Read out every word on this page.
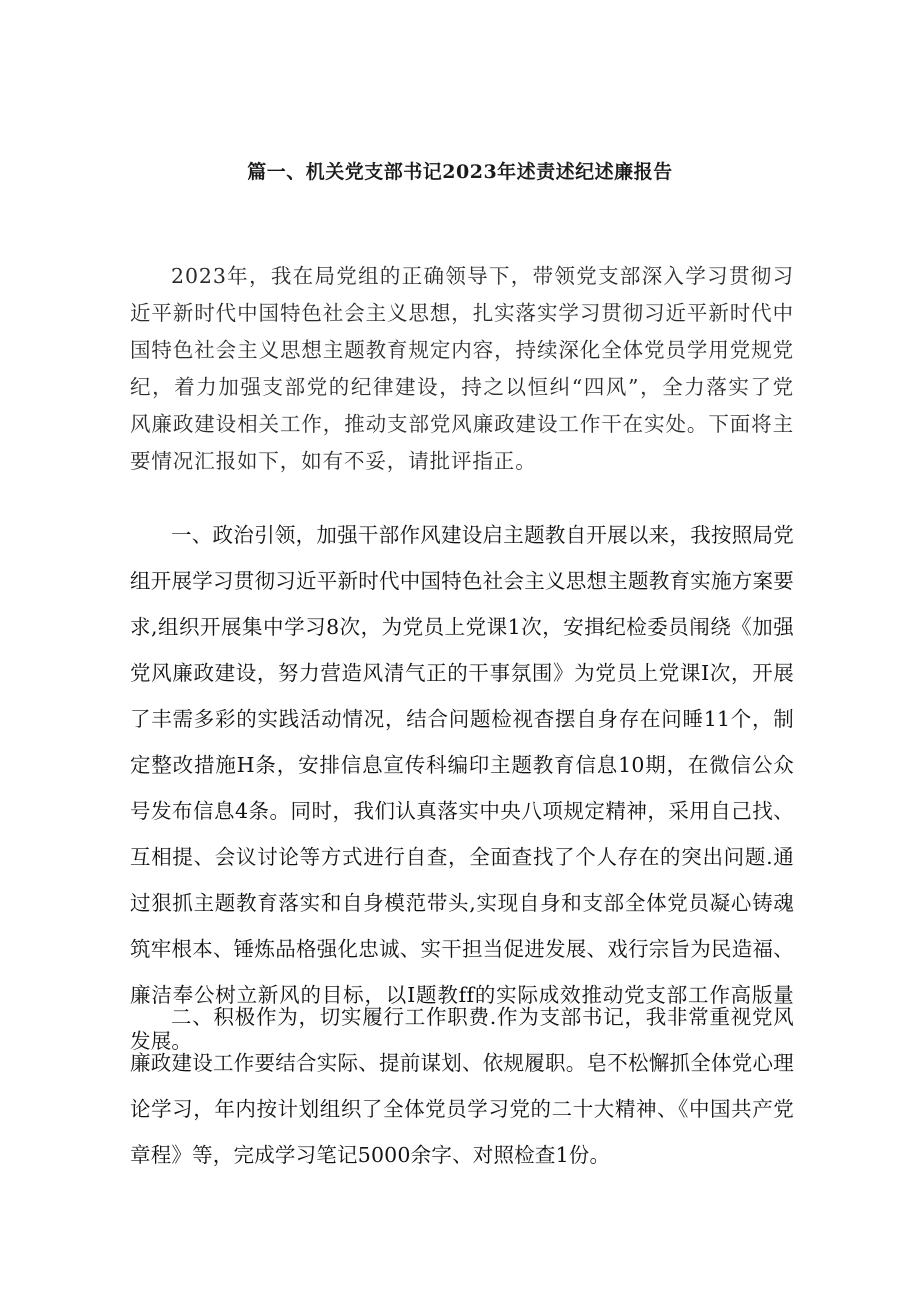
篇一、机关党支部书记2023年述责述纪述廉报告

2023年，我在局党组的正确领导下，带领党支部深入学习贯彻习近平新时代中国特色社会主义思想，扎实落实学习贯彻习近平新时代中国特色社会主义思想主题教育规定内容，持续深化全体党员学用党规党纪，着力加强支部党的纪律建设，持之以恒纠“四风”，全力落实了党风廉政建设相关工作，推动支部党风廉政建设工作干在实处。下面将主要情况汇报如下，如有不妥，请批评指正。

一、政治引领，加强干部作风建设启主题教自开展以来，我按照局党组开展学习贯彻习近平新时代中国特色社会主义思想主题教育实施方案要求,组织开展集中学习8次，为党员上党课1次，安揖纪检委员闱绕《加强党风廉政建设，努力营造风清气正的干事氛围》为党员上党课I次，开展了丰需多彩的实践活动情况，结合问题检视杳摆自身存在问睡11个，制定整改措施H条，安排信息宣传科编印主题教育信息10期，在微信公众号发布信息4条。同时，我们认真落实中央八项规定精神，采用自己找、互相提、会议讨论等方式进行自查，全面查找了个人存在的突出问题.通过狠抓主题教育落实和自身模范带头,实现自身和支部全体党员凝心铸魂筑牢根本、锤炼品格强化忠诚、实干担当促进发展、戏行宗旨为民造福、廉洁奉公树立新风的目标，以I题教ff的实际成效推动党支部工作高版量发展。

二、积极作为，切实履行工作职费.作为支部书记，我非常重视党风廉政建设工作要结合实际、提前谋划、依规履职。皂不松懈抓全体党心理论学习，年内按计划组织了全体党员学习党的二十大精神、《中国共产党章程》等，完成学习笔记5000余字、对照检查1份。
